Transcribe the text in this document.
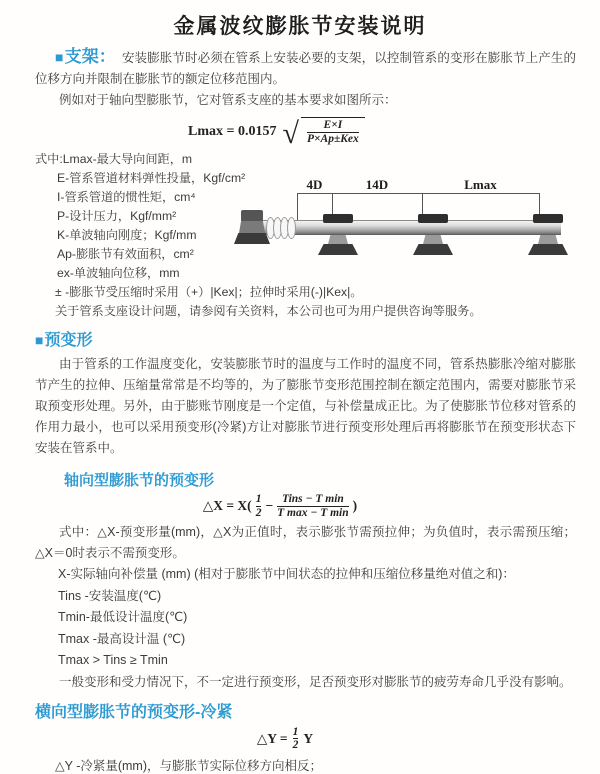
金属波纹膨胀节安装说明

■支架： 安装膨胀节时必须在管系上安装必要的支架，以控制管系的变形在膨胀节上产生的位移方向并限制在膨胀节的额定位移范围内。

例如对于轴向型膨胀节，它对管系支座的基本要求如图所示：

Lmax = 0.0157 √ $\frac{E\times I}{\text{P×Ap±Kex}}$
式中:Lmax-最大导向间距，m
E-管系管道材料弹性投量，Kgf/cm²
I-管系管道的惯性矩，cm⁴
P-设计压力，Kgf/mm²
K-单波轴向刚度；Kgf/mm
Ap-膨胀节有效面积，cm²
ex-单波轴向位移，mm
± -膨胀节受压缩时采用（+）|Kex|；拉伸时采用(-)|Kex|。
关于管系支座设计问题，请参阅有关资料，本公司也可为用户提供咨询等服务。
4D	14D	Lmax
■预变形

由于管系的工作温度变化，安装膨胀节时的温度与工作时的温度不同，管系热膨胀冷缩对膨胀节产生的拉伸、压缩量常常是不均等的，为了膨胀节变形范围控制在额定范围内，需要对膨胀节采取预变形处理。另外，由于膨账节刚度是一个定值，与补偿量成正比。为了使膨胀节位移对管系的作用力最小，也可以采用预变形(冷紧)方让对膨胀节进行预变形处理后再将膨胀节在预变形状态下安装在管系中。

轴向型膨胀节的预变形
△X = $X( \frac{1}{2} - \frac{\text{Tins − T min}}{\text{T max − T min}}$ )

式中：△X-预变形量(mm)，△X为正值时，表示膨张节需预拉伸；为负值时，表示需预压缩；△X＝0时表示不需预变形。

X-实际轴向补偿量 (mm) (相对于膨胀节中间状态的拉伸和压缩位移量绝对值之和)：
Tins -安装温度(℃)
Tmin-最低设计温度(℃)
Tmax -最高设计温 (℃)
Tmax > Tins ≥ Tmin

一般变形和受力情况下，不一定进行预变形，足否预变形对膨胀节的疲劳寿命几乎没有影响。

横向型膨胀节的预变形-冷紧
△Y = $\frac{1}{2}$ Y

△Y -冷紧量(mm)，与膨胀节实际位移方向相反；
